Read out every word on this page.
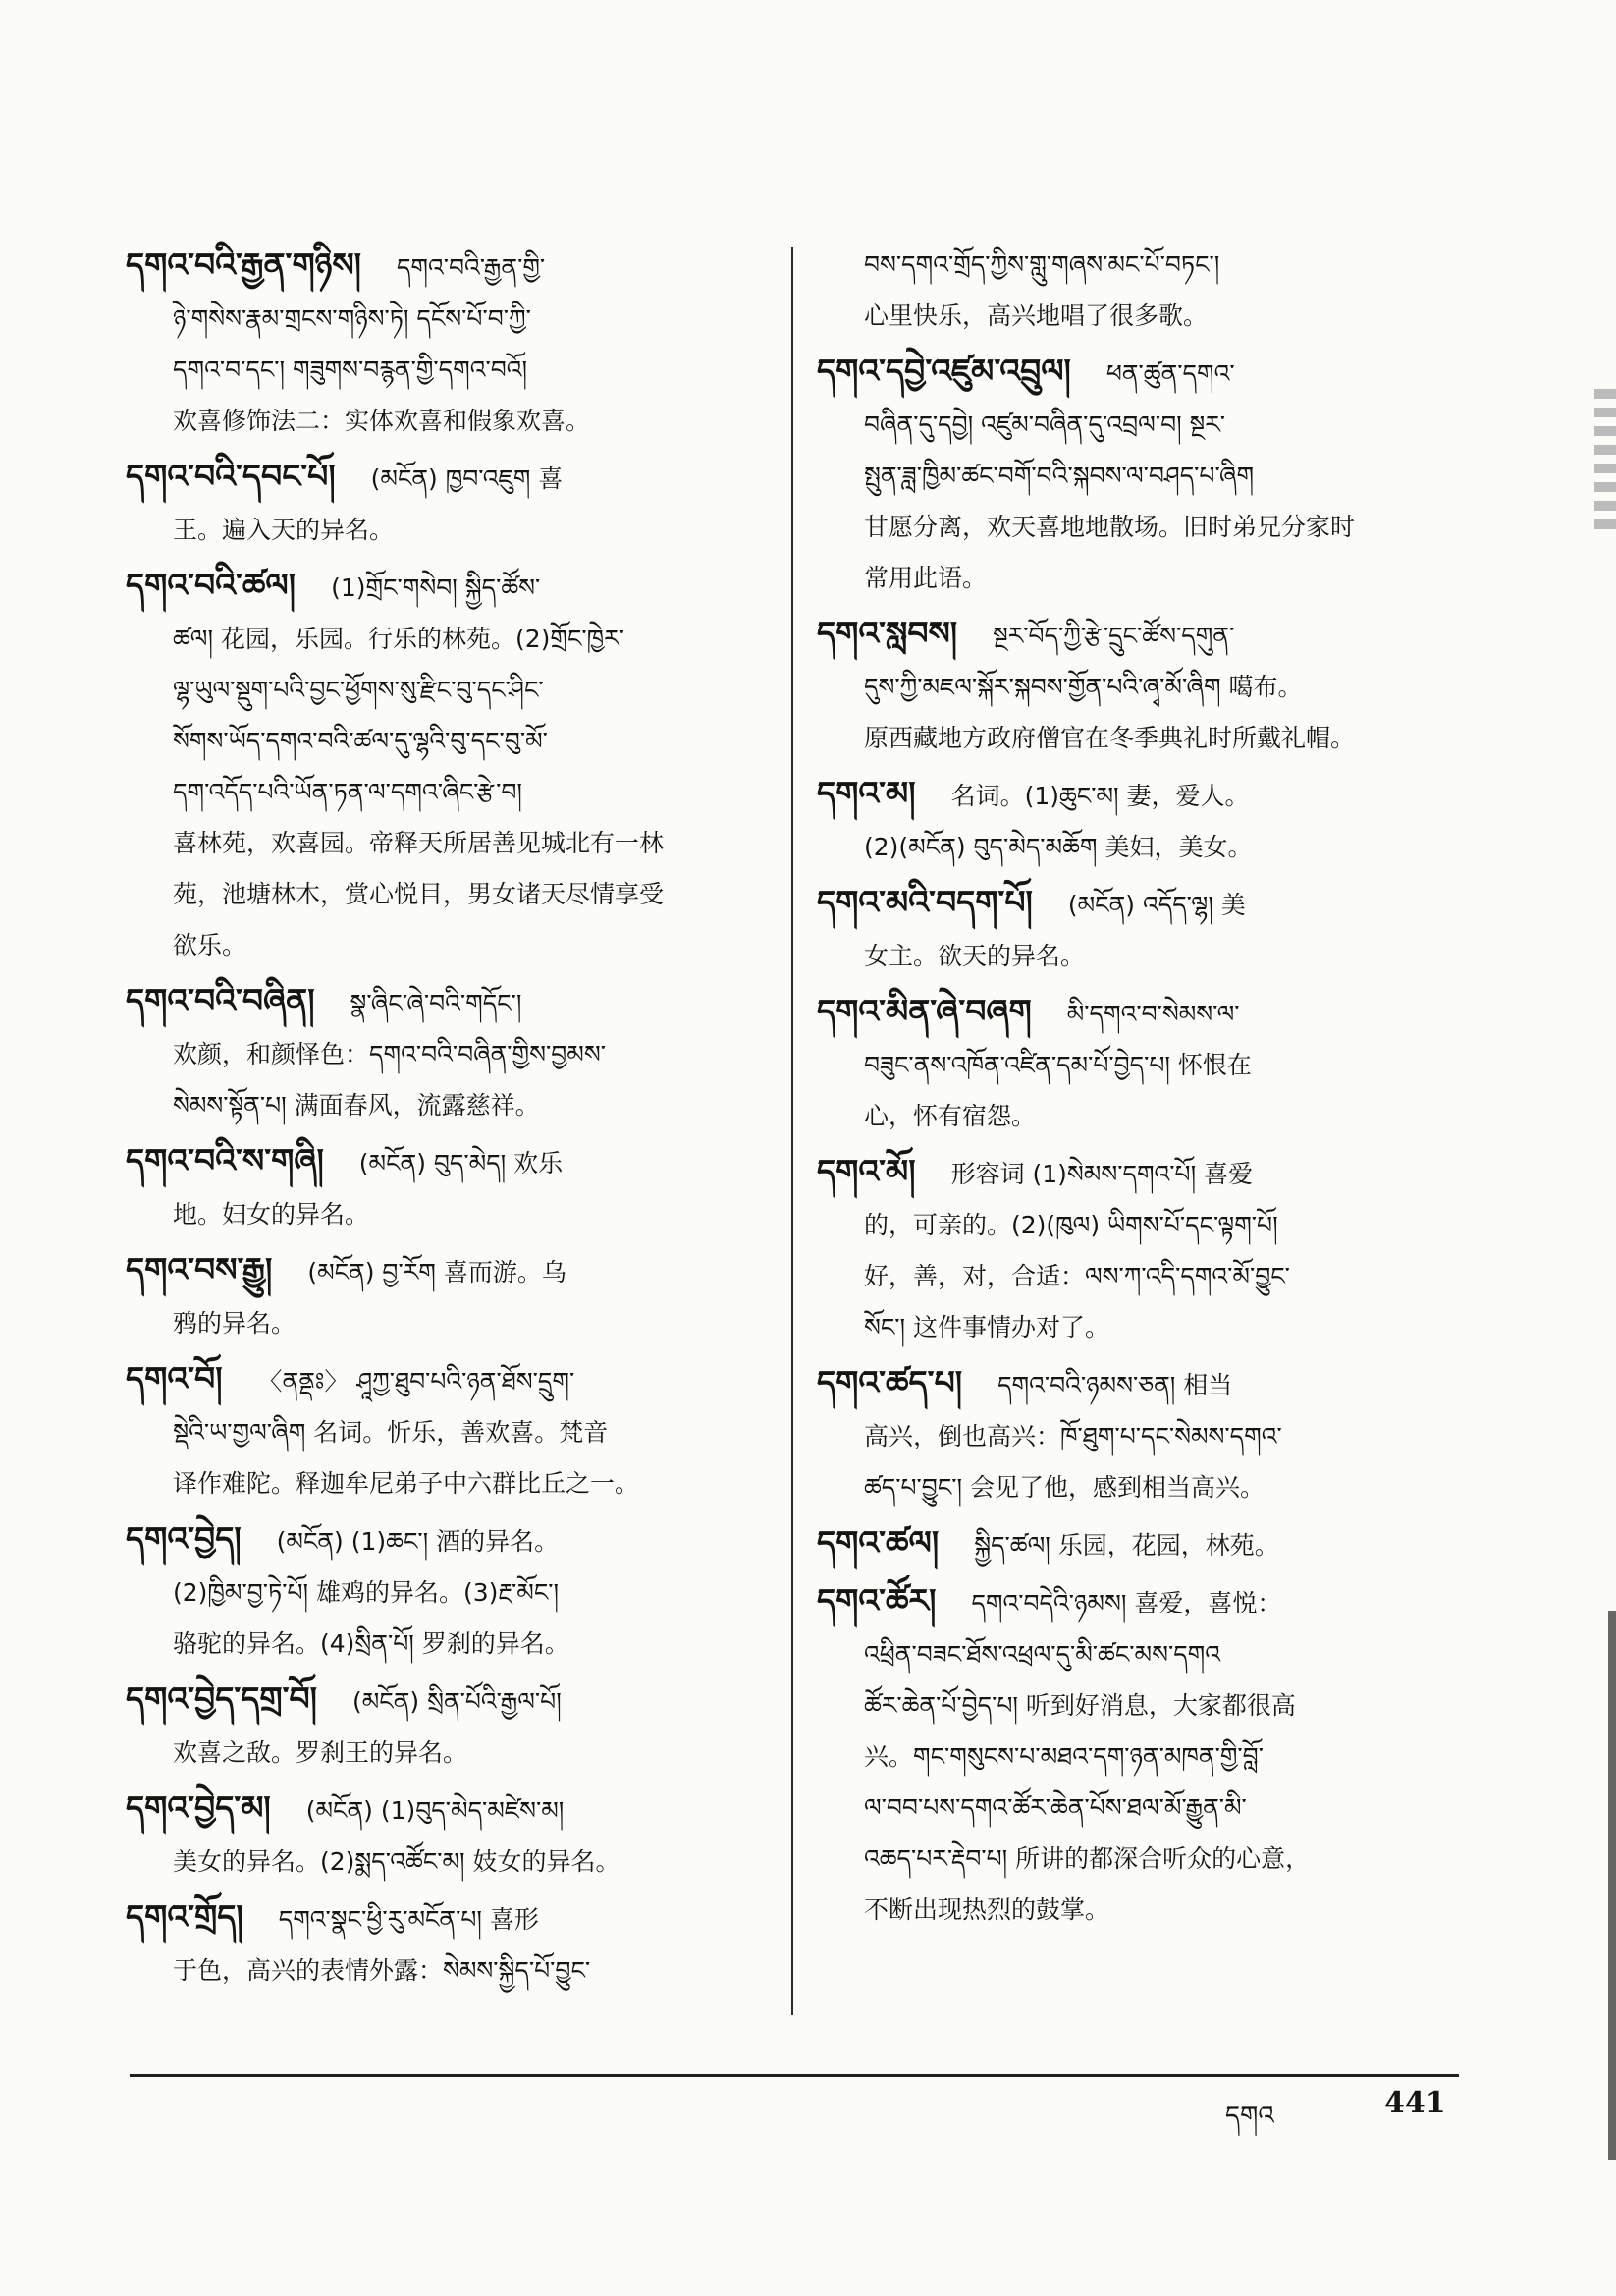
དགའ་བའི་རྒྱན་གཉིས། དགའ་བའི་རྒྱན་གྱི་
ཉེ་གསེས་རྣམ་གྲངས་གཉིས་ཏེ། དངོས་པོ་བ་ཀྱི་
དགའ་བ་དང་། གཟུགས་བརྙན་གྱི་དགའ་བའོ།
欢喜修饰法二：实体欢喜和假象欢喜。
དགའ་བའི་དབང་པོ། (མངོན) ཁྱབ་འཇུག 喜
王。遍入天的异名。
དགའ་བའི་ཚལ། (1)གྲོང་གསེབ། སྐྱིད་ཚོས་
ཚལ། 花园，乐园。行乐的林苑。(2)གྲོང་ཁྱེར་
ལྷ་ཡུལ་སྡུག་པའི་བྱང་ཕྱོགས་སུ་རྫིང་བུ་དང་ཤིང་
སོགས་ཡོད་དགའ་བའི་ཚལ་དུ་ལྷའི་བུ་དང་བུ་མོ་
དག་འདོད་པའི་ཡོན་ཏན་ལ་དགའ་ཞིང་རྩེ་བ།
喜林苑，欢喜园。帝释天所居善见城北有一林
苑，池塘林木，赏心悦目，男女诸天尽情享受
欲乐。
དགའ་བའི་བཞིན། སྣ་ཞིང་ཞེ་བའི་གདོང་།
欢颜，和颜怿色：དགའ་བའི་བཞིན་གྱིས་བྱམས་
སེམས་སྟོན་པ། 满面春风，流露慈祥。
དགའ་བའི་ས་གཞི། (མངོན) བུད་མེད། 欢乐
地。妇女的异名。
དགའ་བས་རྒྱུ། (མངོན) བྱ་རོག 喜而游。乌
鸦的异名。
དགའ་བོ། 〈ནནྡཿ〉 ཤཱཀྱ་ཐུབ་པའི་ཉན་ཐོས་དྲུག་
སྡེའི་ཡ་གྱལ་ཞིག 名词。忻乐，善欢喜。梵音
译作难陀。释迦牟尼弟子中六群比丘之一。
དགའ་བྱེད། (མངོན) (1)ཆང་། 酒的异名。
(2)ཁྱིམ་བྱ་ཏེ་པོ། 雄鸡的异名。(3)རྔ་མོང་།
骆驼的异名。(4)སྲིན་པོ། 罗刹的异名。
དགའ་བྱེད་དགྲ་བོ། (མངོན) སྲིན་པོའི་རྒྱལ་པོ།
欢喜之敌。罗刹王的异名。
དགའ་བྱེད་མ། (མངོན) (1)བུད་མེད་མཛེས་མ།
美女的异名。(2)སྨད་འཚོང་མ། 妓女的异名。
དགའ་གྲོད། དགའ་སྣང་ཕྱི་རུ་མངོན་པ། 喜形
于色，高兴的表情外露：སེམས་སྐྱིད་པོ་བྱུང་
བས་དགའ་གྲོད་ཀྱིས་གླུ་གཞས་མང་པོ་བཏང་།
心里快乐，高兴地唱了很多歌。
དགའ་དབྱེ་འཛུམ་འབྲུལ། ཕན་ཚུན་དགའ་
བཞིན་དུ་དབྱེ། འཛུམ་བཞིན་དུ་འབྲལ་བ། སྔར་
སྤུན་ཟླ་ཁྱིམ་ཚང་བགོ་བའི་སྐབས་ལ་བཤད་པ་ཞིག
甘愿分离，欢天喜地地散场。旧时弟兄分家时
常用此语。
དགའ་སླབས། སྔར་བོད་ཀྱི་རྩེ་དྲུང་ཚོས་དགུན་
དུས་ཀྱི་མཇལ་སྐོར་སྐབས་གྱོན་པའི་ཞྭ་མོ་ཞིག 噶布。
原西藏地方政府僧官在冬季典礼时所戴礼帽。
དགའ་མ། 名词。(1)ཆུང་མ། 妻，爱人。
(2)(མངོན) བུད་མེད་མཆོག 美妇，美女。
དགའ་མའི་བདག་པོ། (མངོན) འདོད་ལྷ། 美
女主。欲天的异名。
དགའ་མིན་ཞེ་བཞག མི་དགའ་བ་སེམས་ལ་
བཟུང་ནས་འཁོན་འཛིན་དམ་པོ་བྱེད་པ། 怀恨在
心，怀有宿怨。
དགའ་མོ། 形容词 (1)སེམས་དགའ་པོ། 喜爱
的，可亲的。(2)(ཁུལ) ཡིགས་པོ་དང་ལྟག་པོ།
好，善，对，合适：ལས་ཀ་འདི་དགའ་མོ་བྱུང་
སོང་། 这件事情办对了。
དགའ་ཚད་པ། དགའ་བའི་ཉམས་ཅན། 相当
高兴，倒也高兴：ཁོ་ཐུག་པ་དང་སེམས་དགའ་
ཚད་པ་བྱུང་། 会见了他，感到相当高兴。
དགའ་ཚལ། སྐྱིད་ཚལ། 乐园，花园，林苑。
དགའ་ཚོར། དགའ་བདེའི་ཉམས། 喜爱，喜悦：
འཕྲིན་བཟང་ཐོས་འཕྲལ་དུ་མི་ཚང་མས་དགའ
ཚོར་ཆེན་པོ་བྱེད་པ། 听到好消息，大家都很高
兴。གང་གསུངས་པ་མཐའ་དག་ཉན་མཁན་གྱི་བློ་
ལ་བབ་པས་དགའ་ཚོར་ཆེན་པོས་ཐལ་མོ་རྒྱུན་མི་
འཆད་པར་རྡེབ་པ། 所讲的都深合听众的心意，
不断出现热烈的鼓掌。
དགའ	441
